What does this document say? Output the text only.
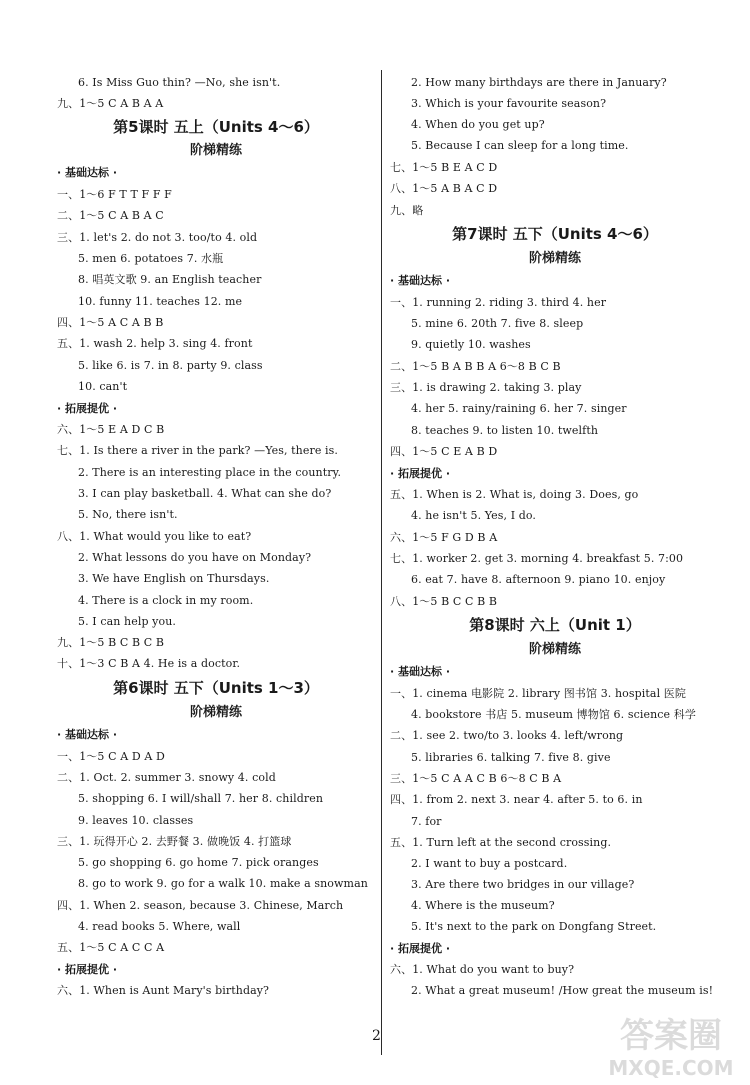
6. Is Miss Guo thin? —No, she isn't.
九、1～5 C A B A A
第5课时 五上（Units 4～6）
阶梯精练
· 基础达标 ·
一、1～6 F T T F F F
二、1～5 C A B A C
三、1. let's 2. do not 3. too/to 4. old
5. men 6. potatoes 7. 水瓶
8. 唱英文歌 9. an English teacher
10. funny 11. teaches 12. me
四、1～5 A C A B B
五、1. wash 2. help 3. sing 4. front
5. like 6. is 7. in 8. party 9. class
10. can't
· 拓展提优 ·
六、1～5 E A D C B
七、1. Is there a river in the park? —Yes, there is.
2. There is an interesting place in the country.
3. I can play basketball. 4. What can she do?
5. No, there isn't.
八、1. What would you like to eat?
2. What lessons do you have on Monday?
3. We have English on Thursdays.
4. There is a clock in my room.
5. I can help you.
九、1～5 B C B C B
十、1～3 C B A 4. He is a doctor.
第6课时 五下（Units 1～3）
阶梯精练
· 基础达标 ·
一、1～5 C A D A D
二、1. Oct. 2. summer 3. snowy 4. cold
5. shopping 6. I will/shall 7. her 8. children
9. leaves 10. classes
三、1. 玩得开心 2. 去野餐 3. 做晚饭 4. 打篮球
5. go shopping 6. go home 7. pick oranges
8. go to work 9. go for a walk 10. make a snowman
四、1. When 2. season, because 3. Chinese, March
4. read books 5. Where, wall
五、1～5 C A C C A
· 拓展提优 ·
六、1. When is Aunt Mary's birthday?
2. How many birthdays are there in January?
3. Which is your favourite season?
4. When do you get up?
5. Because I can sleep for a long time.
七、1～5 B E A C D
八、1～5 A B A C D
九、略
第7课时 五下（Units 4～6）
阶梯精练
· 基础达标 ·
一、1. running 2. riding 3. third 4. her
5. mine 6. 20th 7. five 8. sleep
9. quietly 10. washes
二、1～5 B A B B A 6～8 B C B
三、1. is drawing 2. taking 3. play
4. her 5. rainy/raining 6. her 7. singer
8. teaches 9. to listen 10. twelfth
四、1～5 C E A B D
· 拓展提优 ·
五、1. When is 2. What is, doing 3. Does, go
4. he isn't 5. Yes, I do.
六、1～5 F G D B A
七、1. worker 2. get 3. morning 4. breakfast 5. 7:00
6. eat 7. have 8. afternoon 9. piano 10. enjoy
八、1～5 B C C B B
第8课时 六上（Unit 1）
阶梯精练
· 基础达标 ·
一、1. cinema 电影院 2. library 图书馆 3. hospital 医院
4. bookstore 书店 5. museum 博物馆 6. science 科学
二、1. see 2. two/to 3. looks 4. left/wrong
5. libraries 6. talking 7. five 8. give
三、1～5 C A A C B 6～8 C B A
四、1. from 2. next 3. near 4. after 5. to 6. in
7. for
五、1. Turn left at the second crossing.
2. I want to buy a postcard.
3. Are there two bridges in our village?
4. Where is the museum?
5. It's next to the park on Dongfang Street.
· 拓展提优 ·
六、1. What do you want to buy?
2. What a great museum! /How great the museum is!
2	答案圈
MXQE.COM
